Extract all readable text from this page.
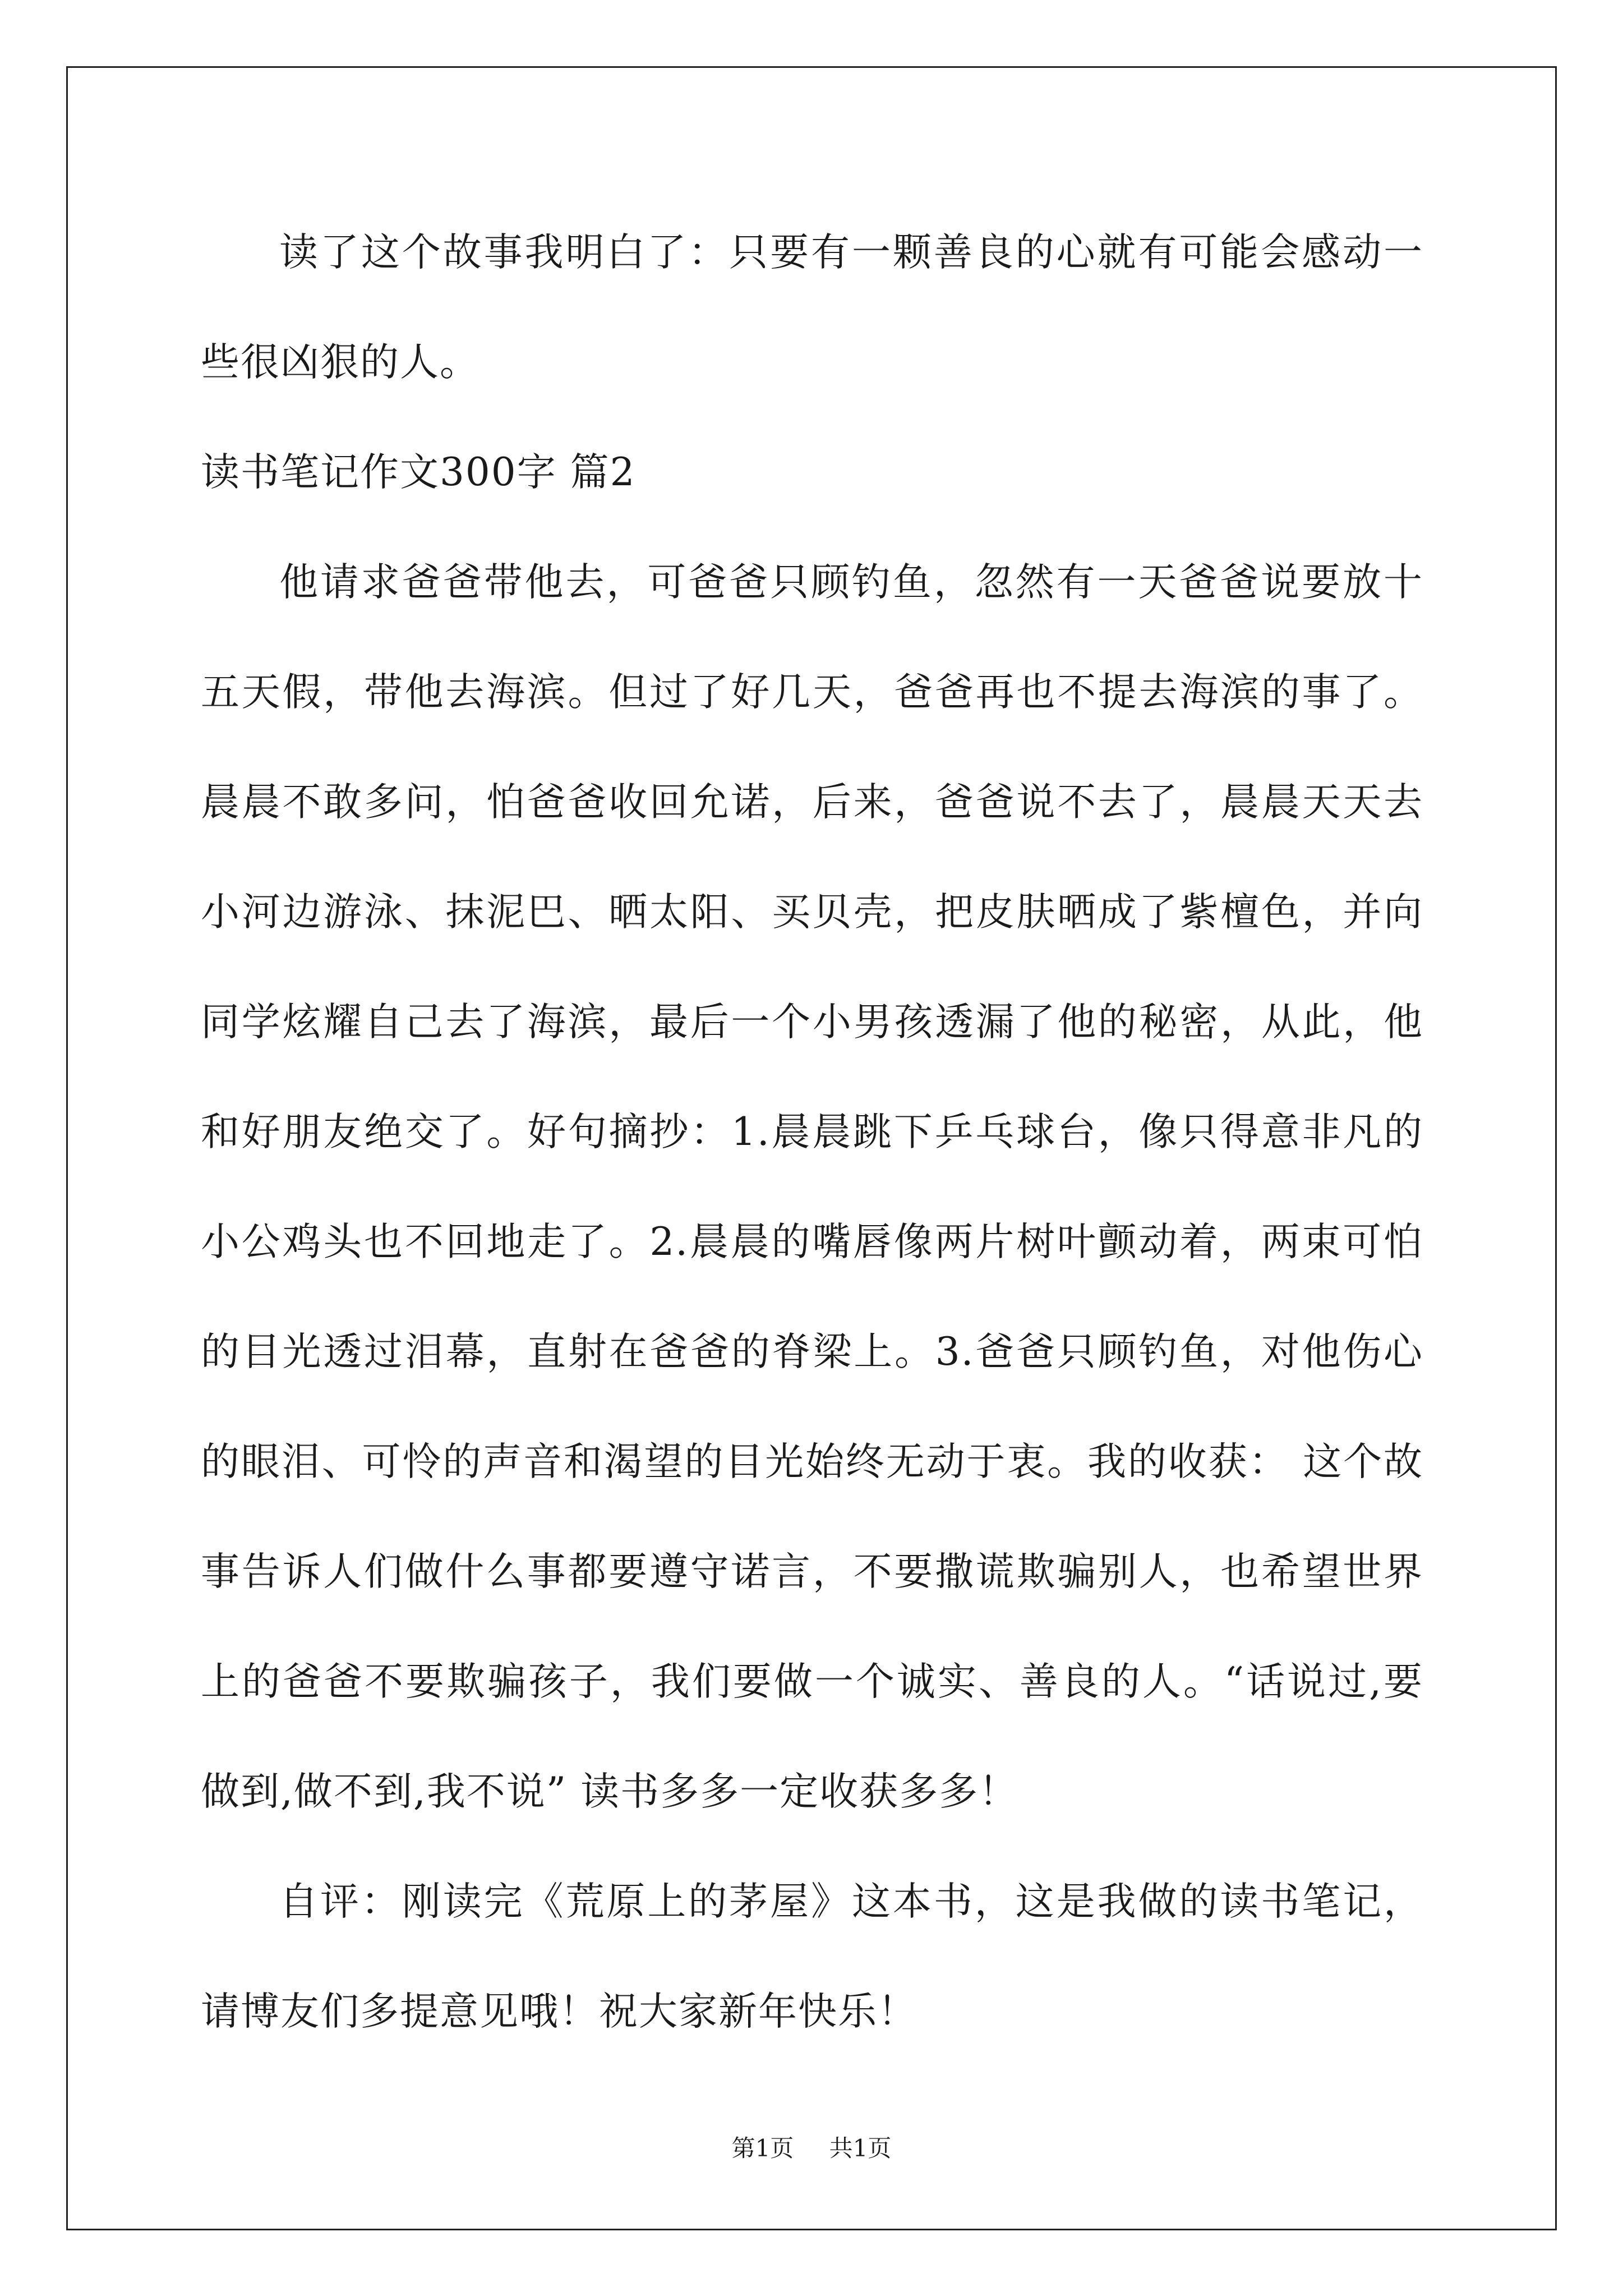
读了这个故事我明白了：只要有一颗善良的心就有可能会感动一些很凶狠的人。

读书笔记作文300字 篇2

他请求爸爸带他去，可爸爸只顾钓鱼，忽然有一天爸爸说要放十五天假，带他去海滨。但过了好几天，爸爸再也不提去海滨的事了。晨晨不敢多问，怕爸爸收回允诺，后来，爸爸说不去了，晨晨天天去小河边游泳、抹泥巴、晒太阳、买贝壳，把皮肤晒成了紫檀色，并向同学炫耀自己去了海滨，最后一个小男孩透漏了他的秘密，从此，他和好朋友绝交了。好句摘抄：1.晨晨跳下乒乓球台，像只得意非凡的小公鸡头也不回地走了。2.晨晨的嘴唇像两片树叶颤动着，两束可怕的目光透过泪幕，直射在爸爸的脊梁上。3.爸爸只顾钓鱼，对他伤心的眼泪、可怜的声音和渴望的目光始终无动于衷。我的收获： 这个故事告诉人们做什么事都要遵守诺言，不要撒谎欺骗别人，也希望世界上的爸爸不要欺骗孩子，我们要做一个诚实、善良的人。“话说过,要做到,做不到,我不说” 读书多多一定收获多多！

自评：刚读完《荒原上的茅屋》这本书，这是我做的读书笔记，请博友们多提意见哦！祝大家新年快乐！

第1页 共1页
